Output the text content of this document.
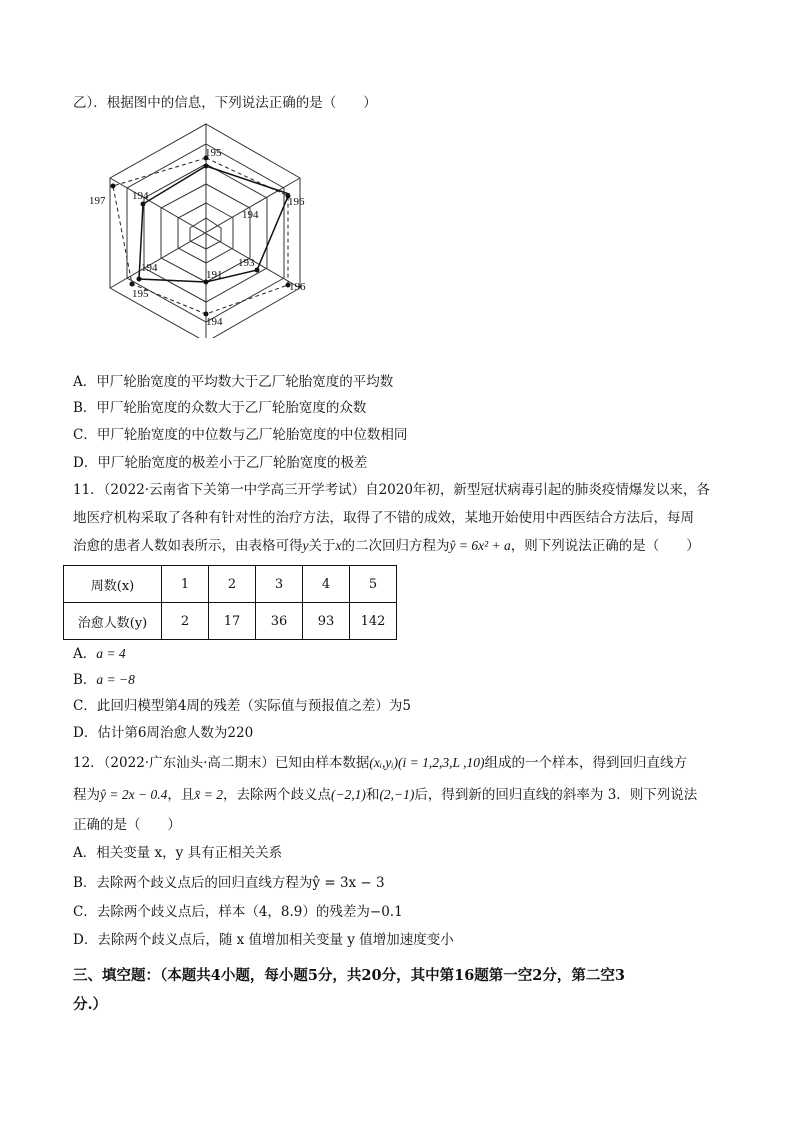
乙）．根据图中的信息，下列说法正确的是（　　）
195
196
196
194
195
197
194
193
191
194
194
A．甲厂轮胎宽度的平均数大于乙厂轮胎宽度的平均数
B．甲厂轮胎宽度的众数大于乙厂轮胎宽度的众数
C．甲厂轮胎宽度的中位数与乙厂轮胎宽度的中位数相同
D．甲厂轮胎宽度的极差小于乙厂轮胎宽度的极差
11．（2022·云南省下关第一中学高三开学考试）自2020年初，新型冠状病毒引起的肺炎疫情爆发以来，各
地医疗机构采取了各种有针对性的治疗方法，取得了不错的成效，某地开始使用中西医结合方法后，每周
治愈的患者人数如表所示，由表格可得y关于x的二次回归方程为ŷ = 6x² + a，则下列说法正确的是（　　）
周数(x)	1	2	3	4	5
治愈人数(y)	2	17	36	93	142
A．a = 4
B．a = −8
C．此回归模型第4周的残差（实际值与预报值之差）为5
D．估计第6周治愈人数为220
12．（2022·广东汕头·高二期末）已知由样本数据(xᵢ,yᵢ)(i = 1,2,3,L ,10)组成的一个样本，得到回归直线方
程为ŷ = 2x − 0.4，且x̄ = 2，去除两个歧义点(−2,1)和(2,−1)后，得到新的回归直线的斜率为 3．则下列说法
正确的是（　　）
A．相关变量 x，y 具有正相关关系
B．去除两个歧义点后的回归直线方程为ŷ = 3x − 3
C．去除两个歧义点后，样本（4，8.9）的残差为−0.1
D．去除两个歧义点后，随 x 值增加相关变量 y 值增加速度变小
三、填空题：（本题共4小题，每小题5分，共20分，其中第16题第一空2分，第二空3
分.）
